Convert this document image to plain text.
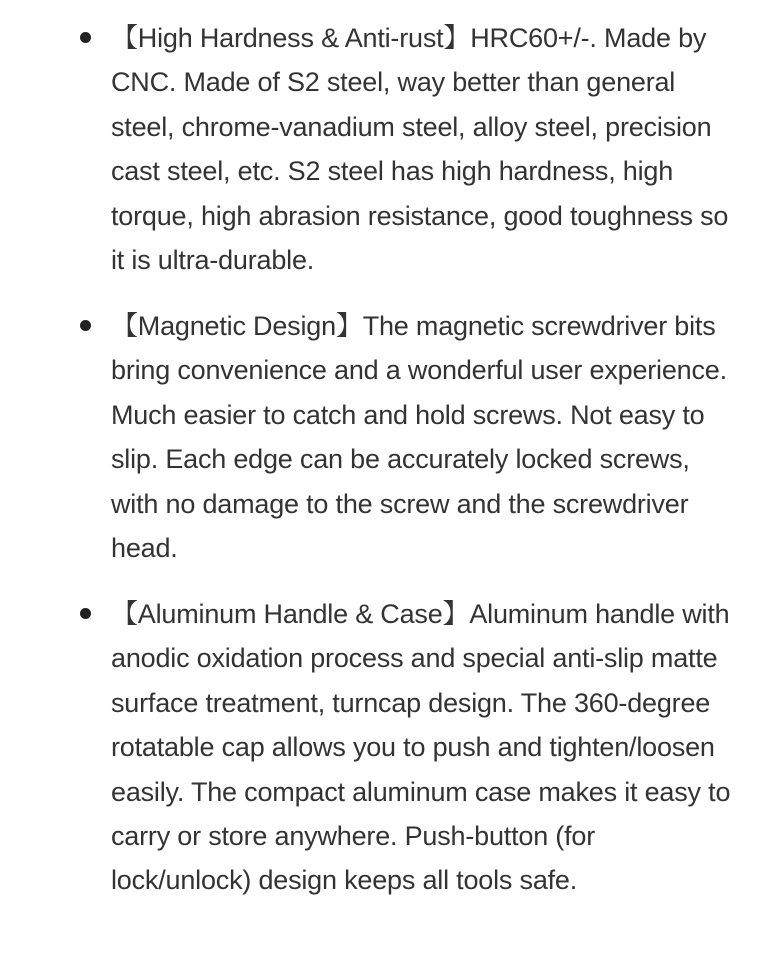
【High Hardness & Anti-rust】HRC60+/-. Made by CNC. Made of S2 steel, way better than general steel, chrome-vanadium steel, alloy steel, precision cast steel, etc. S2 steel has high hardness, high torque, high abrasion resistance, good toughness so it is ultra-durable.
【Magnetic Design】The magnetic screwdriver bits bring convenience and a wonderful user experience. Much easier to catch and hold screws. Not easy to slip. Each edge can be accurately locked screws, with no damage to the screw and the screwdriver head.
【Aluminum Handle & Case】Aluminum handle with anodic oxidation process and special anti-slip matte surface treatment, turncap design. The 360-degree rotatable cap allows you to push and tighten/loosen easily. The compact aluminum case makes it easy to carry or store anywhere. Push-button (for lock/unlock) design keeps all tools safe.
